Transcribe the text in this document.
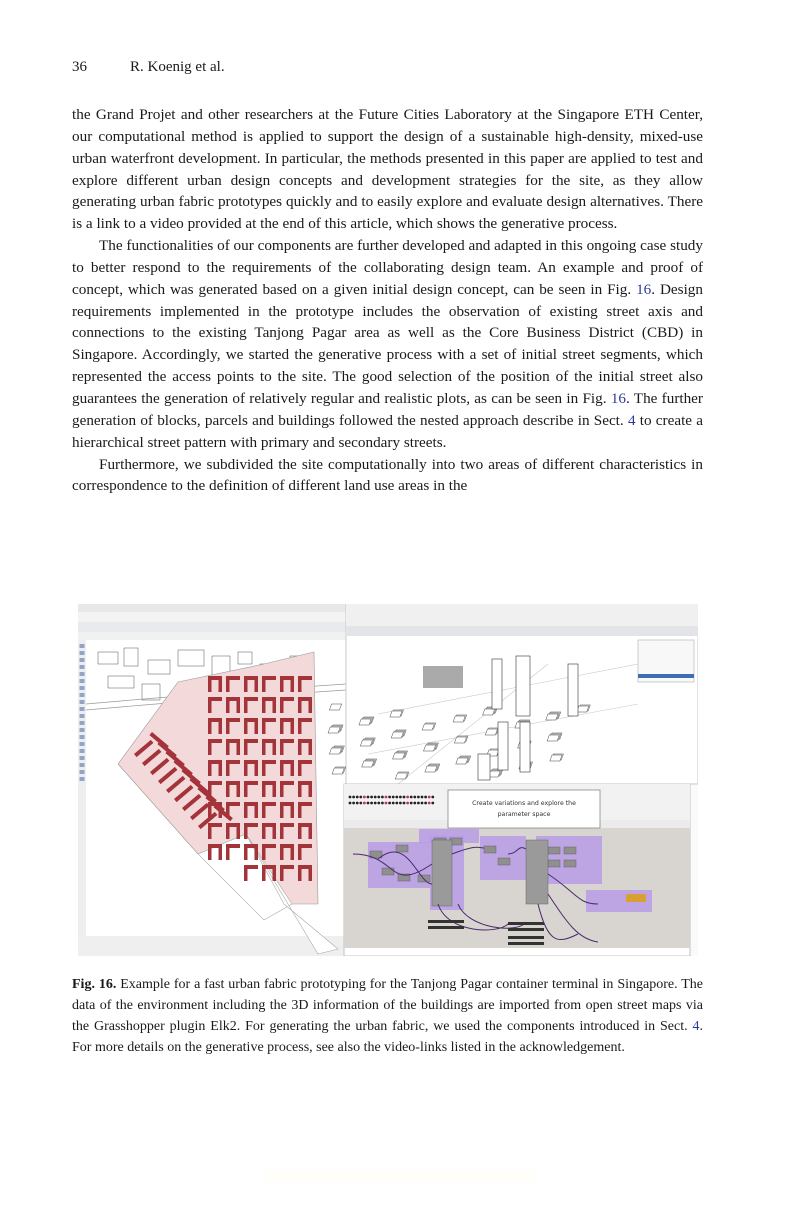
36	R. Koenig et al.

the Grand Projet and other researchers at the Future Cities Laboratory at the Singapore ETH Center, our computational method is applied to support the design of a sustainable high-density, mixed-use urban waterfront development. In particular, the methods presented in this paper are applied to test and explore different urban design concepts and development strategies for the site, as they allow generating urban fabric prototypes quickly and to easily explore and evaluate design alternatives. There is a link to a video provided at the end of this article, which shows the generative process.

The functionalities of our components are further developed and adapted in this ongoing case study to better respond to the requirements of the collaborating design team. An example and proof of concept, which was generated based on a given initial design concept, can be seen in Fig. 16. Design requirements implemented in the prototype includes the observation of existing street axis and connections to the existing Tanjong Pagar area as well as the Core Business District (CBD) in Singapore. Accordingly, we started the generative process with a set of initial street segments, which represented the access points to the site. The good selection of the position of the initial street also guarantees the generation of relatively regular and realistic plots, as can be seen in Fig. 16. The further generation of blocks, parcels and buildings followed the nested approach describe in Sect. 4 to create a hierarchical street pattern with primary and secondary streets.

Furthermore, we subdivided the site computationally into two areas of different characteristics in correspondence to the definition of different land use areas in the

Create variations and explore the
parameter space
Fig. 16. Example for a fast urban fabric prototyping for the Tanjong Pagar container terminal in Singapore. The data of the environment including the 3D information of the buildings are imported from open street maps via the Grasshopper plugin Elk2. For generating the urban fabric, we used the components introduced in Sect. 4. For more details on the generative process, see also the video-links listed in the acknowledgement.
